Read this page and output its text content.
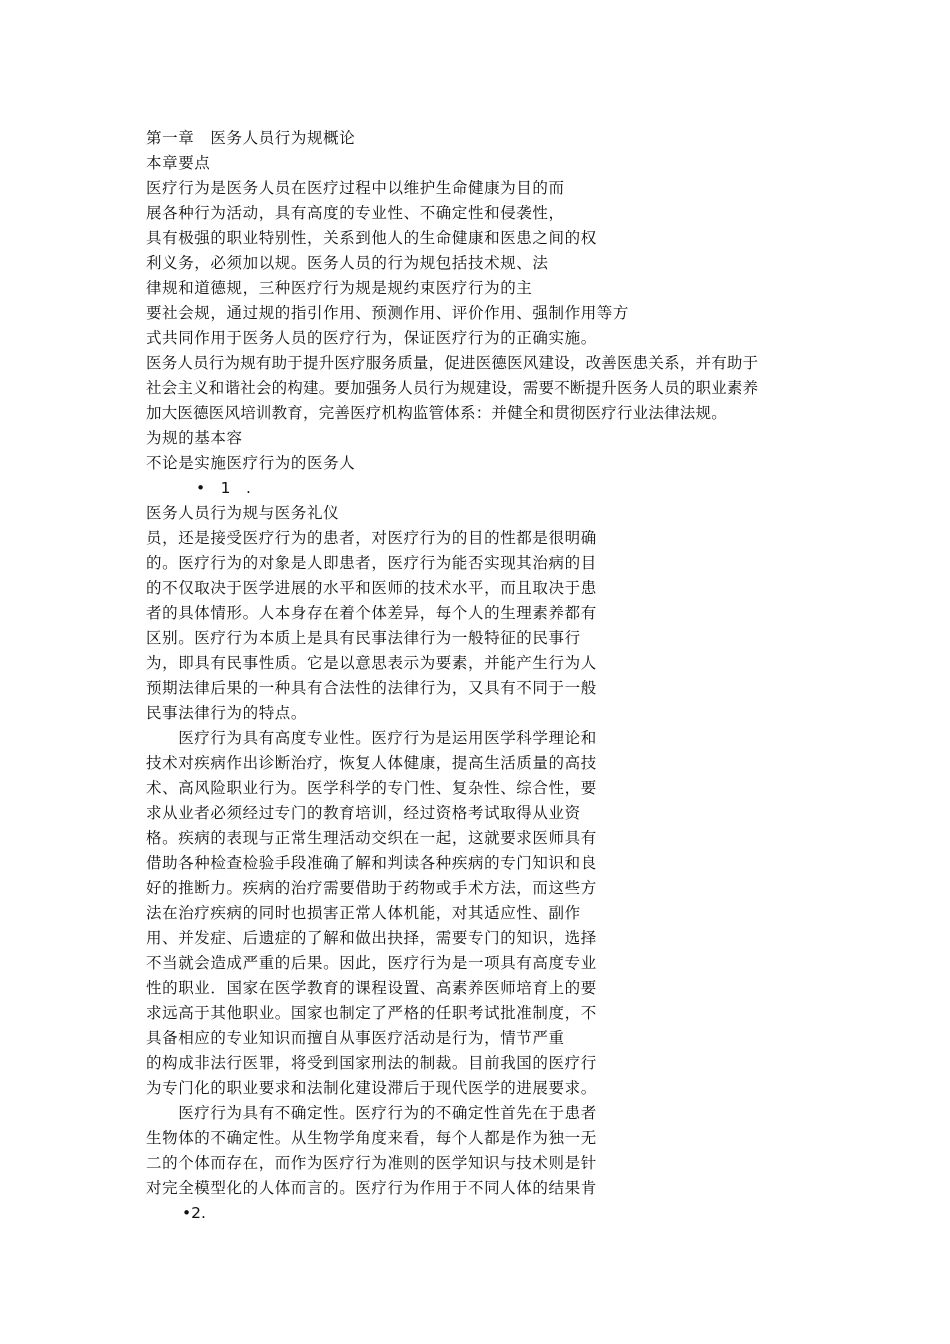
第一章　医务人员行为规概论
本章要点
医疗行为是医务人员在医疗过程中以维护生命健康为目的而
展各种行为活动，具有高度的专业性、不确定性和侵袭性，
具有极强的职业特别性，关系到他人的生命健康和医患之间的权
利义务，必须加以规。医务人员的行为规包括技术规、法
律规和道德规，三种医疗行为规是规约束医疗行为的主
要社会规，通过规的指引作用、预测作用、评价作用、强制作用等方
式共同作用于医务人员的医疗行为，保证医疗行为的正确实施。
医务人员行为规有助于提升医疗服务质量，促进医德医风建设，改善医患关系，并有助于
社会主义和谐社会的构建。要加强务人员行为规建设，需要不断提升医务人员的职业素养
加大医德医风培训教育，完善医疗机构监管体系：并健全和贯彻医疗行业法律法规。
为规的基本容
不论是实施医疗行为的医务人
•　1　.
医务人员行为规与医务礼仪
员，还是接受医疗行为的患者，对医疗行为的目的性都是很明确
的。医疗行为的对象是人即患者，医疗行为能否实现其治病的目
的不仅取决于医学进展的水平和医师的技术水平，而且取决于患
者的具体情形。人本身存在着个体差异，每个人的生理素养都有
区别。医疗行为本质上是具有民事法律行为一般特征的民事行
为，即具有民事性质。它是以意思表示为要素，并能产生行为人
预期法律后果的一种具有合法性的法律行为，又具有不同于一般
民事法律行为的特点。
　　医疗行为具有高度专业性。医疗行为是运用医学科学理论和
技术对疾病作出诊断治疗，恢复人体健康，提高生活质量的高技
术、高风险职业行为。医学科学的专门性、复杂性、综合性，要
求从业者必须经过专门的教育培训，经过资格考试取得从业资
格。疾病的表现与正常生理活动交织在一起，这就要求医师具有
借助各种检查检验手段准确了解和判读各种疾病的专门知识和良
好的推断力。疾病的治疗需要借助于药物或手术方法，而这些方
法在治疗疾病的同时也损害正常人体机能，对其适应性、副作
用、并发症、后遗症的了解和做出抉择，需要专门的知识，选择
不当就会造成严重的后果。因此，医疗行为是一项具有高度专业
性的职业．国家在医学教育的课程设置、高素养医师培育上的要
求远高于其他职业。国家也制定了严格的任职考试批准制度，不
具备相应的专业知识而擅自从事医疗活动是行为，情节严重
的构成非法行医罪，将受到国家刑法的制裁。目前我国的医疗行
为专门化的职业要求和法制化建设滞后于现代医学的进展要求。
　　医疗行为具有不确定性。医疗行为的不确定性首先在于患者
生物体的不确定性。从生物学角度来看，每个人都是作为独一无
二的个体而存在，而作为医疗行为准则的医学知识与技术则是针
对完全模型化的人体而言的。医疗行为作用于不同人体的结果肯
•2.
